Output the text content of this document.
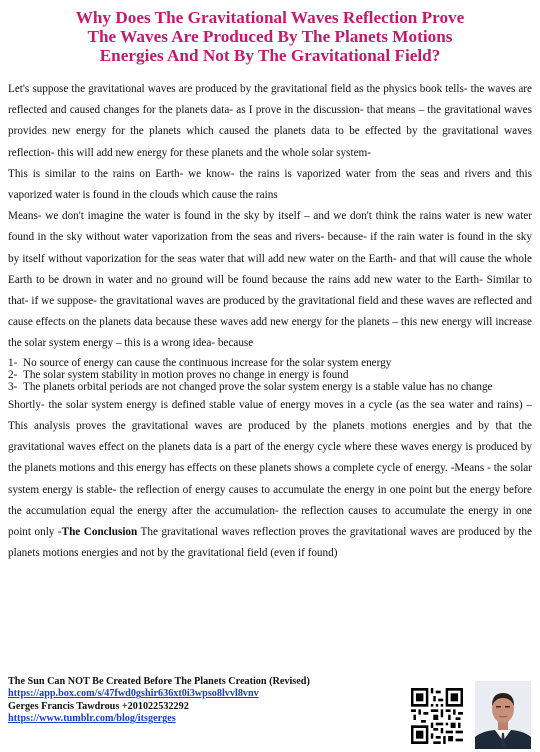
Why Does The Gravitational Waves Reflection Prove
The Waves Are Produced By The Planets Motions
Energies And Not By The Gravitational Field?

Let's suppose the gravitational waves are produced by the gravitational field as the physics book tells- the waves are reflected and caused changes for the planets data- as I prove in the discussion- that means – the gravitational waves provides new energy for the planets which caused the planets data to be effected by the gravitational waves reflection- this will add new energy for these planets and the whole solar system-

This is similar to the rains on Earth- we know- the rains is vaporized water from the seas and rivers and this vaporized water is found in the clouds which cause the rains

Means- we don't imagine the water is found in the sky by itself – and we don't think the rains water is new water found in the sky without water vaporization from the seas and rivers- because- if the rain water is found in the sky by itself without vaporization for the seas water that will add new water on the Earth- and that will cause the whole Earth to be drown in water and no ground will be found because the rains add new water to the Earth- Similar to that- if we suppose- the gravitational waves are produced by the gravitational field and these waves are reflected and cause effects on the planets data because these waves add new energy for the planets – this new energy will increase the solar system energy – this is a wrong idea- because

1- No source of energy can cause the continuous increase for the solar system energy
2- The solar system stability in motion proves no change in energy is found
3- The planets orbital periods are not changed prove the solar system energy is a stable value has no change

Shortly- the solar system energy is defined stable value of energy moves in a cycle (as the sea water and rains) – This analysis proves the gravitational waves are produced by the planets motions energies and by that the gravitational waves effect on the planets data is a part of the energy cycle where these waves energy is produced by the planets motions and this energy has effects on these planets shows a complete cycle of energy. -Means - the solar system energy is stable- the reflection of energy causes to accumulate the energy in one point but the energy before the accumulation equal the energy after the accumulation- the reflection causes to accumulate the energy in one point only -The Conclusion The gravitational waves reflection proves the gravitational waves are produced by the planets motions energies and not by the gravitational field (even if found)

The Sun Can NOT Be Created Before The Planets Creation (Revised)
https://app.box.com/s/47fwd0gshir636xt0i3wpso8lvvl8vnv
Gerges Francis Tawdrous +201022532292
https://www.tumblr.com/blog/itsgerges
